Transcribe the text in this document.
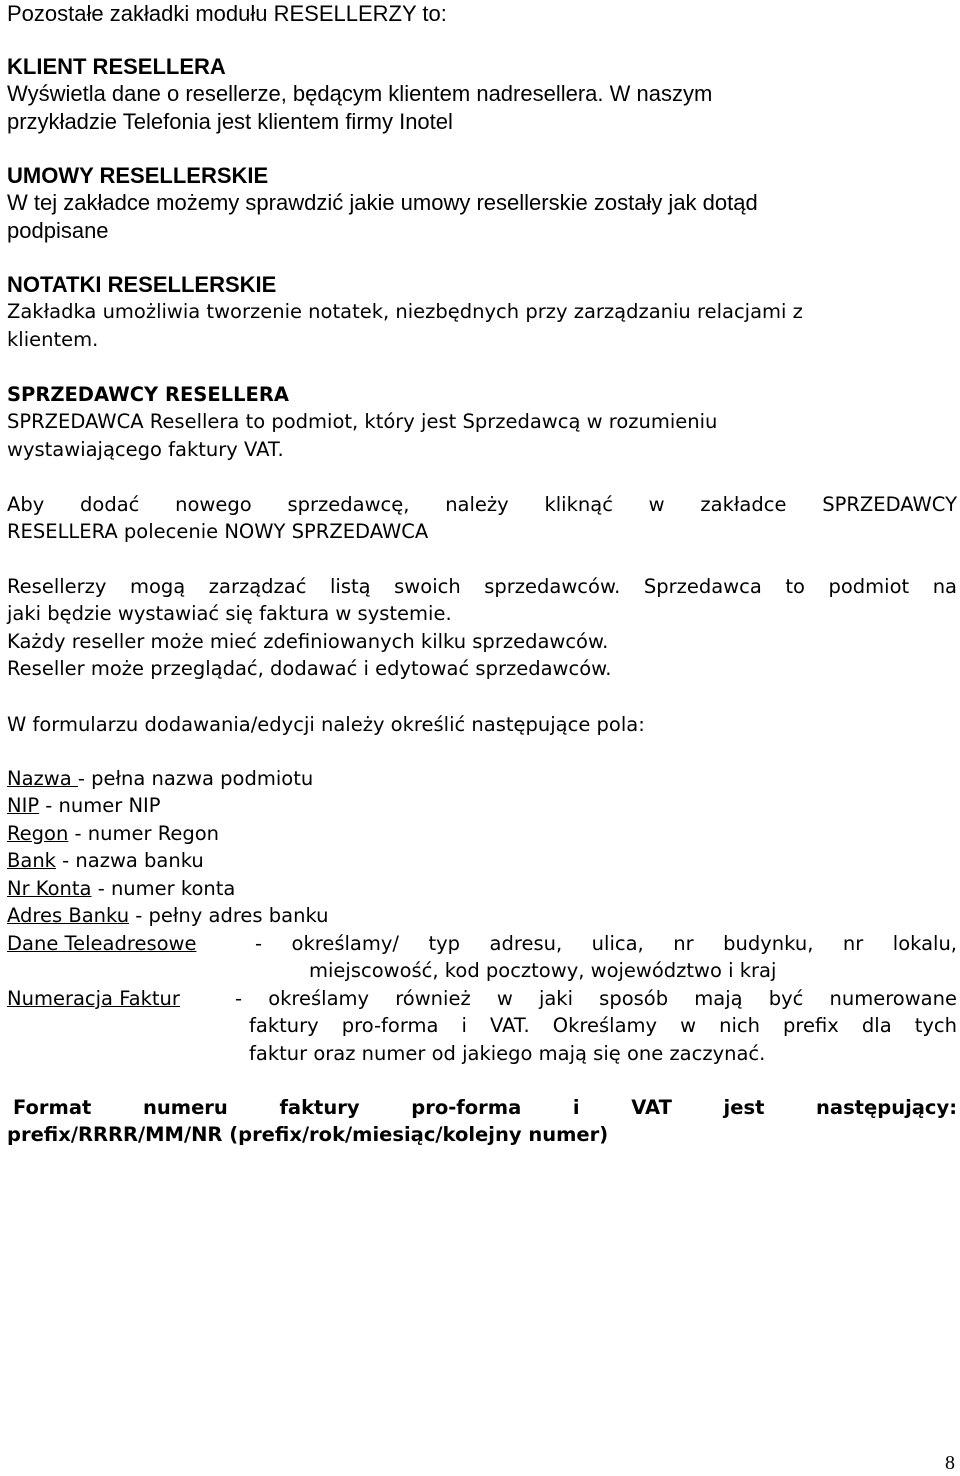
Pozostałe zakładki modułu RESELLERZY to:

KLIENT RESELLERA

Wyświetla dane o resellerze, będącym klientem nadresellera. W naszym

przykładzie Telefonia jest klientem firmy Inotel

UMOWY RESELLERSKIE

W tej zakładce możemy sprawdzić jakie umowy resellerskie zostały jak dotąd

podpisane

NOTATKI RESELLERSKIE

Zakładka umożliwia tworzenie notatek, niezbędnych przy zarządzaniu relacjami z

klientem.

SPRZEDAWCY RESELLERA

SPRZEDAWCA Resellera to podmiot, który jest Sprzedawcą w rozumieniu

wystawiającego faktury VAT.

Aby dodać nowego sprzedawcę, należy kliknąć w zakładce SPRZEDAWCY

RESELLERA polecenie NOWY SPRZEDAWCA

Resellerzy mogą zarządzać listą swoich sprzedawców. Sprzedawca to podmiot na

jaki będzie wystawiać się faktura w systemie.

Każdy reseller może mieć zdefiniowanych kilku sprzedawców.

Reseller może przeglądać, dodawać i edytować sprzedawców.

W formularzu dodawania/edycji należy określić następujące pola:

Nazwa - pełna nazwa podmiotu
NIP - numer NIP
Regon - numer Regon
Bank - nazwa banku
Nr Konta - numer konta
Adres Banku - pełny adres banku
Dane Teleadresowe	- określamy/ typ adresu, ulica, nr budynku, nr lokalu,

miejscowość, kod pocztowy, województwo i kraj

Numeracja Faktur	- określamy również w jaki sposób mają być numerowane

faktury pro-forma i VAT. Określamy w nich prefix dla tych

faktur oraz numer od jakiego mają się one zaczynać.

Format numeru faktury pro-forma i VAT jest następujący:

prefix/RRRR/MM/NR (prefix/rok/miesiąc/kolejny numer)

8
